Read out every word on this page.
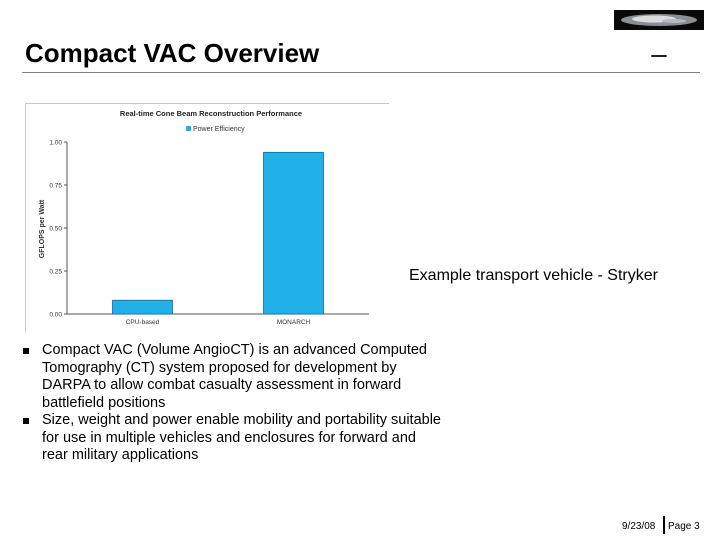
Compact VAC Overview
Real-time Cone Beam Reconstruction Performance
Power Efficiency
GFLOPS per Watt
0.00
0.25
0.50
0.75
1.00
CPU-based	MONARCH
Example transport vehicle - Stryker
Compact VAC (Volume AngioCT) is an advanced Computed Tomography (CT) system proposed for development by DARPA to allow combat casualty assessment in forward battlefield positions
Size, weight and power enable mobility and portability suitable for use in multiple vehicles and enclosures for forward and rear military applications
9/23/08 Page 3
